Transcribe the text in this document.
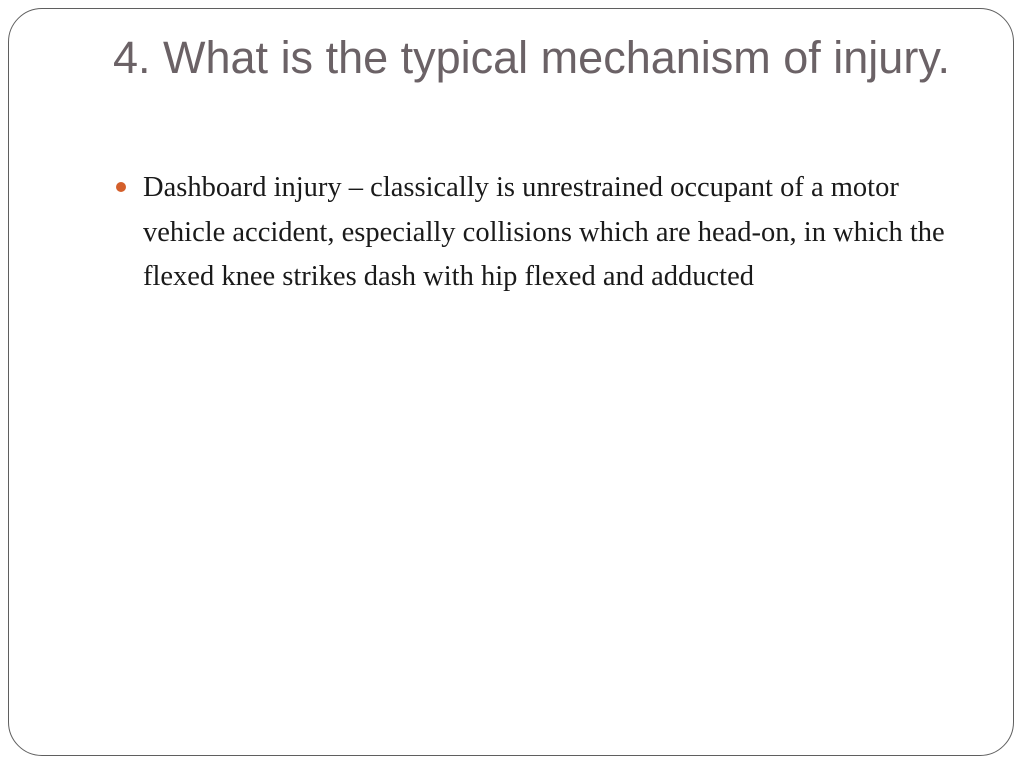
4. What is the typical mechanism of injury.
Dashboard injury – classically is unrestrained occupant of a motor vehicle accident, especially collisions which are head-on, in which the flexed knee strikes dash with hip flexed and adducted
